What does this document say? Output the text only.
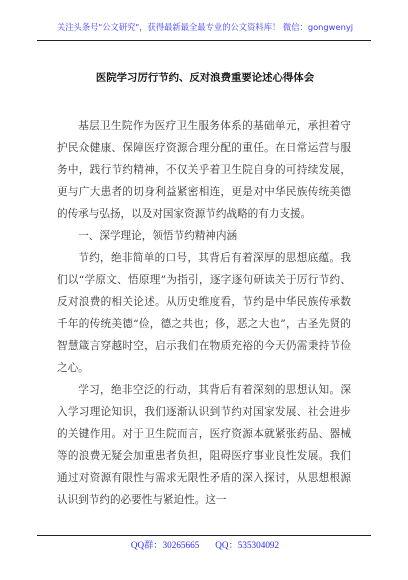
关注头条号"公文研究"，获得最新最全最专业的公文资料库！ 微信：gongwenyj
医院学习厉行节约、反对浪费重要论述心得体会

基层卫生院作为医疗卫生服务体系的基础单元，承担着守护民众健康、保障医疗资源合理分配的重任。在日常运营与服务中，践行节约精神，不仅关乎着卫生院自身的可持续发展，更与广大患者的切身利益紧密相连，更是对中华民族传统美德的传承与弘扬，以及对国家资源节约战略的有力支援。

一、深学理论，领悟节约精神内涵

节约，绝非简单的口号，其背后有着深厚的思想底蕴。我们以“学原文、悟原理”为指引，逐字逐句研读关于厉行节约、反对浪费的相关论述。从历史维度看，节约是中华民族传承数千年的传统美德“俭，德之共也；侈，恶之大也”，古圣先贤的智慧箴言穿越时空，启示我们在物质充裕的今天仍需秉持节俭之心。

学习，绝非空泛的行动，其背后有着深刻的思想认知。深入学习理论知识，我们逐渐认识到节约对国家发展、社会进步的关键作用。对于卫生院而言，医疗资源本就紧张药品、器械等的浪费无疑会加重患者负担，阻碍医疗事业良性发展。我们通过对资源有限性与需求无限性矛盾的深入探讨，从思想根源认识到节约的必要性与紧迫性。这一

QQ群：30265665 QQ：535304092
